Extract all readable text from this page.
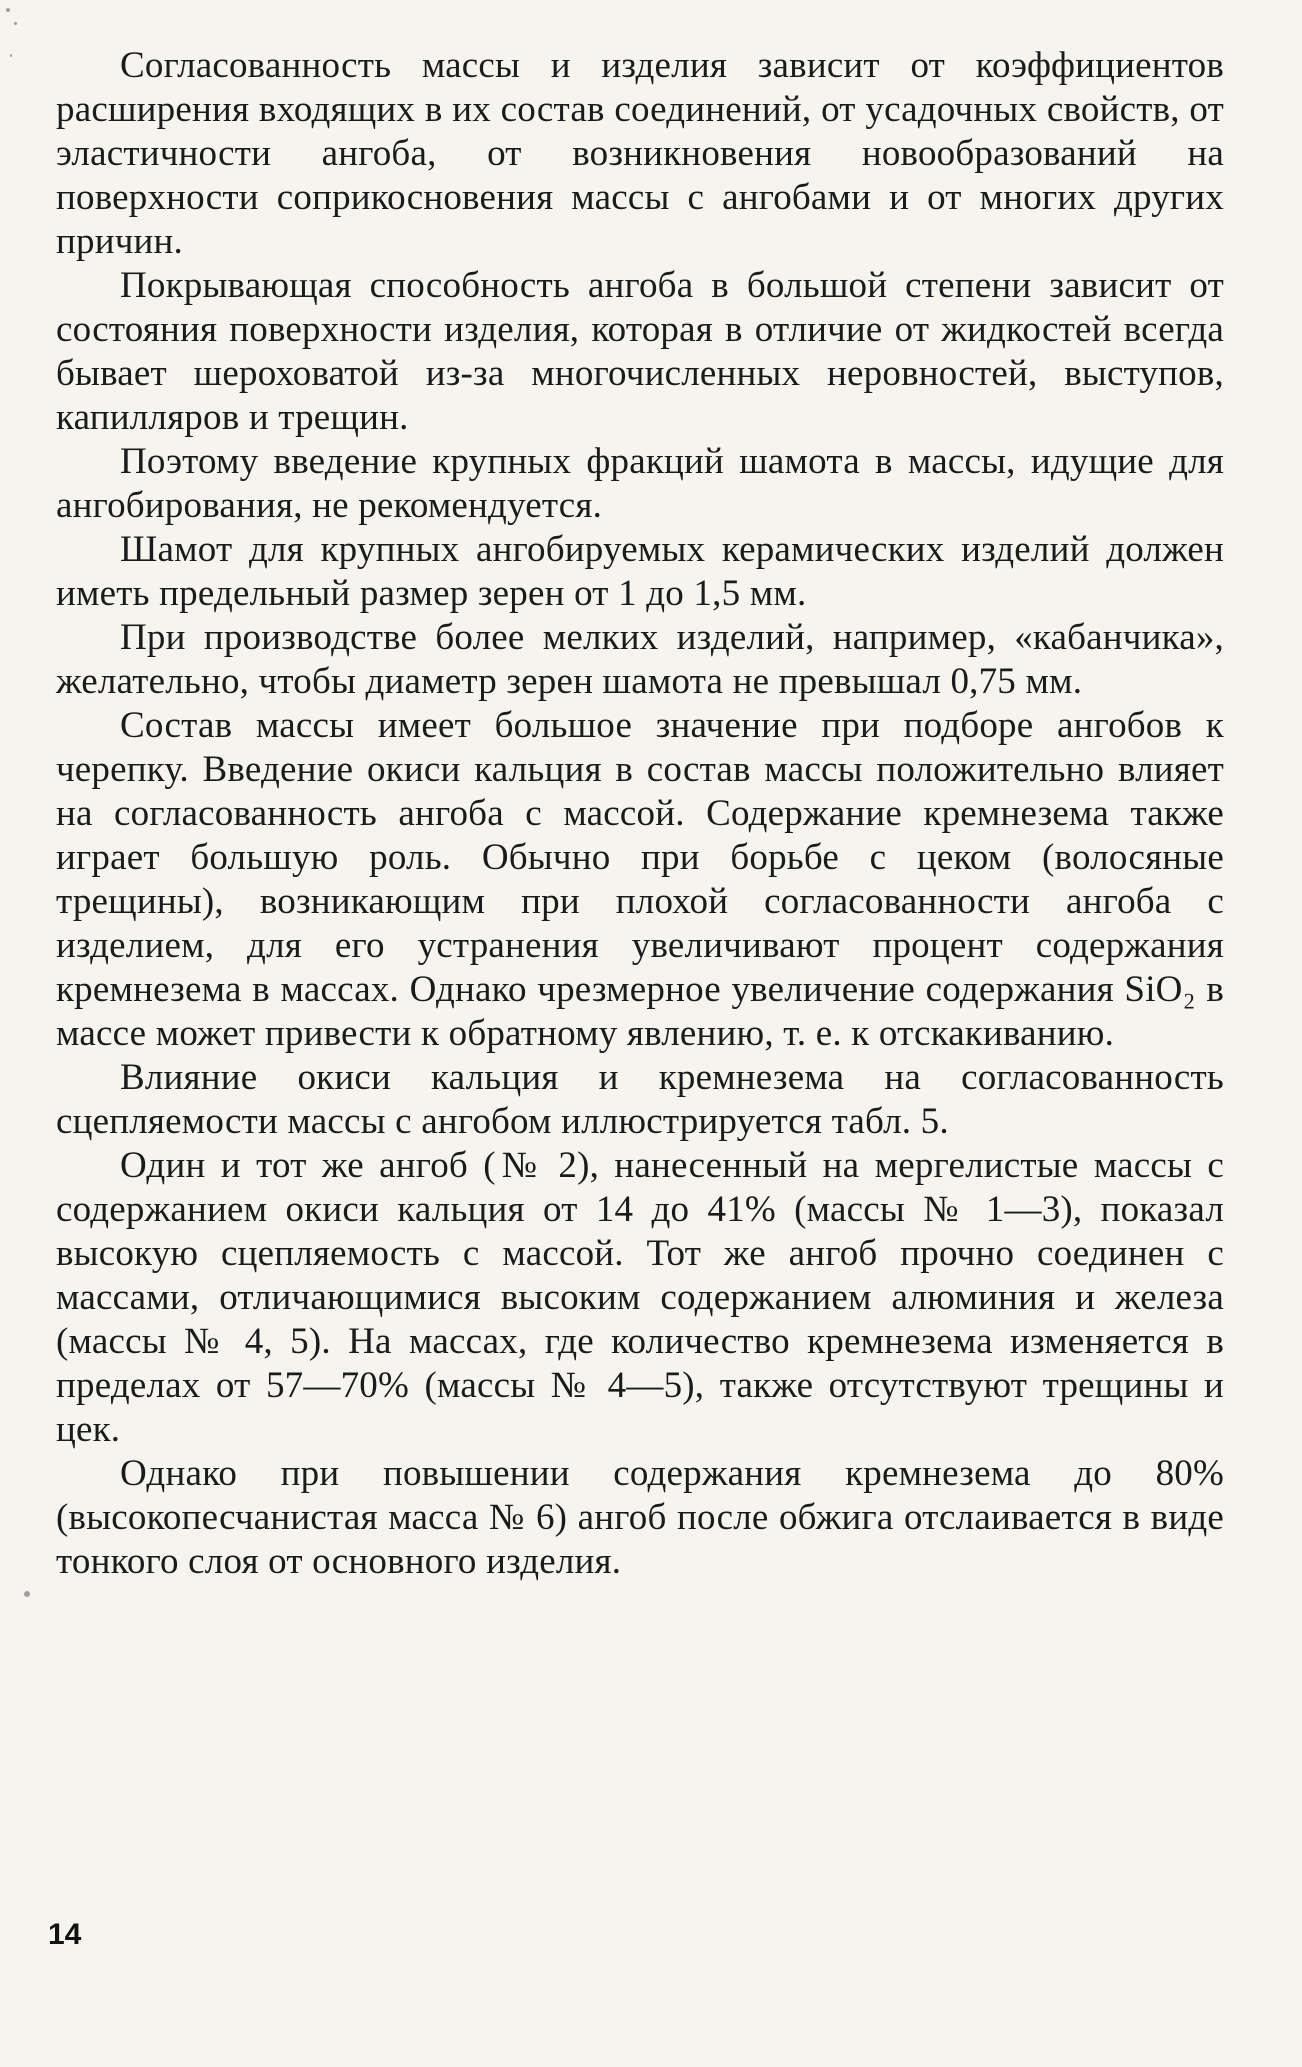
Согласованность массы и изделия зависит от коэффициентов расширения входящих в их состав соединений, от усадочных свойств, от эластичности ангоба, от возникновения новообразований на поверхности соприкосновения массы с ангобами и от многих других причин.

Покрывающая способность ангоба в большой степени зависит от состояния поверхности изделия, которая в отличие от жидкостей всегда бывает шероховатой из-за многочисленных неровностей, выступов, капилляров и трещин.

Поэтому введение крупных фракций шамота в массы, идущие для ангобирования, не рекомендуется.

Шамот для крупных ангобируемых керамических изделий должен иметь предельный размер зерен от 1 до 1,5 мм.

При производстве более мелких изделий, например, «кабанчика», желательно, чтобы диаметр зерен шамота не превышал 0,75 мм.

Состав массы имеет большое значение при подборе ангобов к черепку. Введение окиси кальция в состав массы положительно влияет на согласованность ангоба с массой. Содержание кремнезема также играет большую роль. Обычно при борьбе с цеком (волосяные трещины), возникающим при плохой согласованности ангоба с изделием, для его устранения увеличивают процент содержания кремнезема в массах. Однако чрезмерное увеличение содержания SiO₂ в массе может привести к обратному явлению, т. е. к отскакиванию.

Влияние окиси кальция и кремнезема на согласованность сцепляемости массы с ангобом иллюстрируется табл. 5.

Один и тот же ангоб (№ 2), нанесенный на мергелистые массы с содержанием окиси кальция от 14 до 41% (массы № 1—3), показал высокую сцепляемость с массой. Тот же ангоб прочно соединен с массами, отличающимися высоким содержанием алюминия и железа (массы № 4, 5). На массах, где количество кремнезема изменяется в пределах от 57—70% (массы № 4—5), также отсутствуют трещины и цек.

Однако при повышении содержания кремнезема до 80% (высокопесчанистая масса № 6) ангоб после обжига отслаивается в виде тонкого слоя от основного изделия.

14
